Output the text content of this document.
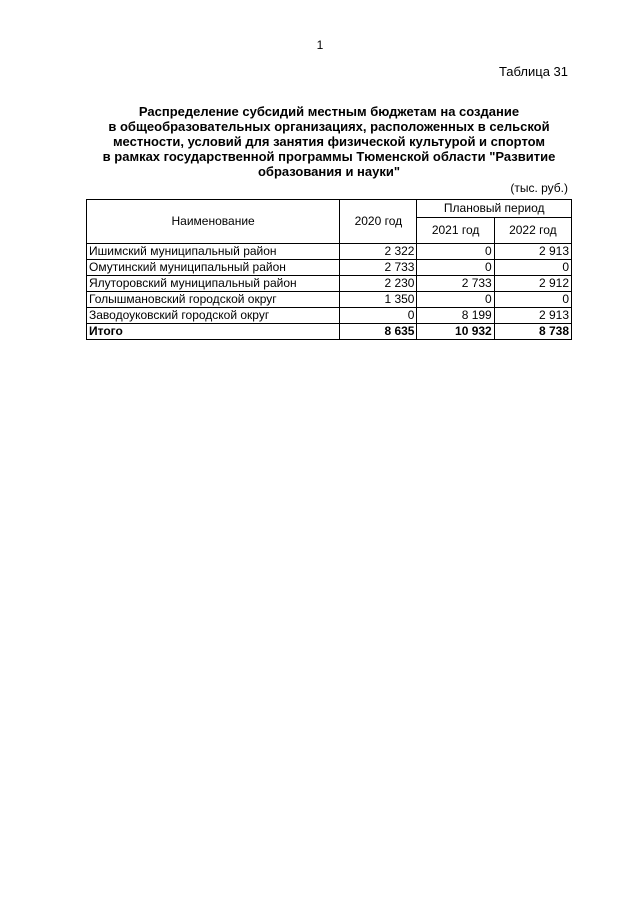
1
Таблица 31
Распределение субсидий местным бюджетам на создание
в общеобразовательных организациях, расположенных в сельской
местности, условий для занятия физической культурой и спортом
в рамках государственной программы Тюменской области "Развитие
образования и науки"
(тыс. руб.)
Наименование	2020 год	Плановый период	
		2021 год	2022 год
Ишимский муниципальный район	2 322	0	2 913
Омутинский муниципальный район	2 733	0	0
Ялуторовский муниципальный район	2 230	2 733	2 912
Голышмановский городской округ	1 350	0	0
Заводоуковский городской округ	0	8 199	2 913
Итого	8 635	10 932	8 738
